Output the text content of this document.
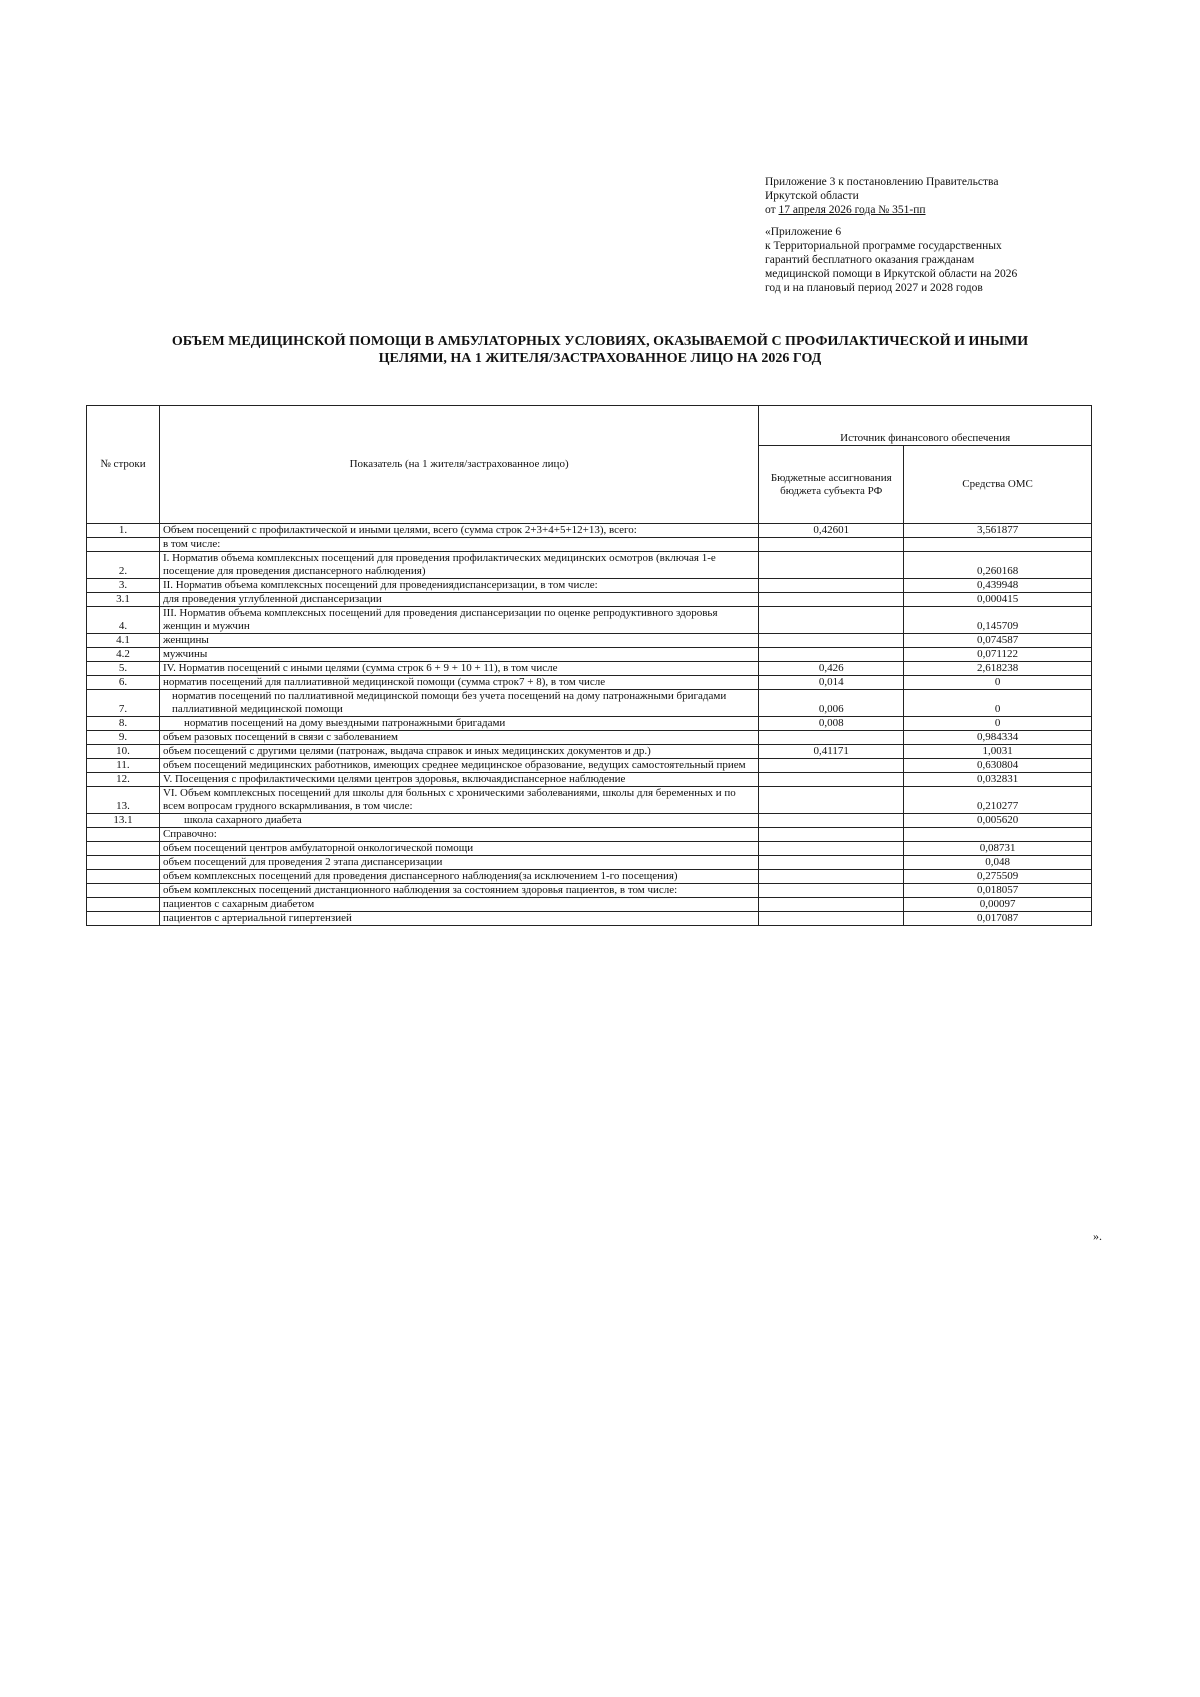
Приложение 3 к постановлению Правительства
Иркутской области
от 17 апреля 2026 года № 351-пп
«Приложение 6
к Территориальной программе государственных
гарантий бесплатного оказания гражданам
медицинской помощи в Иркутской области на 2026
год и на плановый период 2027 и 2028 годов
ОБЪЕМ МЕДИЦИНСКОЙ ПОМОЩИ В АМБУЛАТОРНЫХ УСЛОВИЯХ, ОКАЗЫВАЕМОЙ С ПРОФИЛАКТИЧЕСКОЙ И ИНЫМИ
ЦЕЛЯМИ, НА 1 ЖИТЕЛЯ/ЗАСТРАХОВАННОЕ ЛИЦО НА 2026 ГОД
№ строки	Показатель (на 1 жителя/застрахованное лицо)	Источник финансового обеспечения	
		Бюджетные ассигнования бюджета субъекта РФ	Средства ОМС
1.	Объем посещений с профилактической и иными целями, всего (сумма строк 2+3+4+5+12+13), всего:	0,42601	3,561877
	в том числе:		
2.	I. Норматив объема комплексных посещений для проведения профилактических медицинских осмотров (включая 1-е посещение для проведения диспансерного наблюдения)		0,260168
3.	II. Норматив объема комплексных посещений для проведениядиспансеризации, в том числе:		0,439948
3.1	для проведения углубленной диспансеризации		0,000415
4.	III. Норматив объема комплексных посещений для проведения диспансеризации по оценке репродуктивного здоровья женщин и мужчин		0,145709
4.1	женщины		0,074587
4.2	мужчины		0,071122
5.	IV. Норматив посещений с иными целями (сумма строк 6 + 9 + 10 + 11), в том числе	0,426	2,618238
6.	норматив посещений для паллиативной медицинской помощи (сумма строк7 + 8), в том числе	0,014	0
7.	норматив посещений по паллиативной медицинской помощи без учета посещений на дому патронажными бригадами паллиативной медицинской помощи	0,006	0
8.	норматив посещений на дому выездными патронажными бригадами	0,008	0
9.	объем разовых посещений в связи с заболеванием		0,984334
10.	объем посещений с другими целями (патронаж, выдача справок и иных медицинских документов и др.)	0,41171	1,0031
11.	объем посещений медицинских работников, имеющих среднее медицинское образование, ведущих самостоятельный прием		0,630804
12.	V. Посещения с профилактическими целями центров здоровья, включаядиспансерное наблюдение		0,032831
13.	VI. Объем комплексных посещений для школы для больных с хроническими заболеваниями, школы для беременных и по всем вопросам грудного вскармливания, в том числе:		0,210277
13.1	школа сахарного диабета		0,005620
	Справочно:		
	объем посещений центров амбулаторной онкологической помощи		0,08731
	объем посещений для проведения 2 этапа диспансеризации		0,048
	объем комплексных посещений для проведения диспансерного наблюдения(за исключением 1-го посещения)		0,275509
	объем комплексных посещений дистанционного наблюдения за состоянием здоровья пациентов, в том числе:		0,018057
	пациентов с сахарным диабетом		0,00097
	пациентов с артериальной гипертензией		0,017087
».
